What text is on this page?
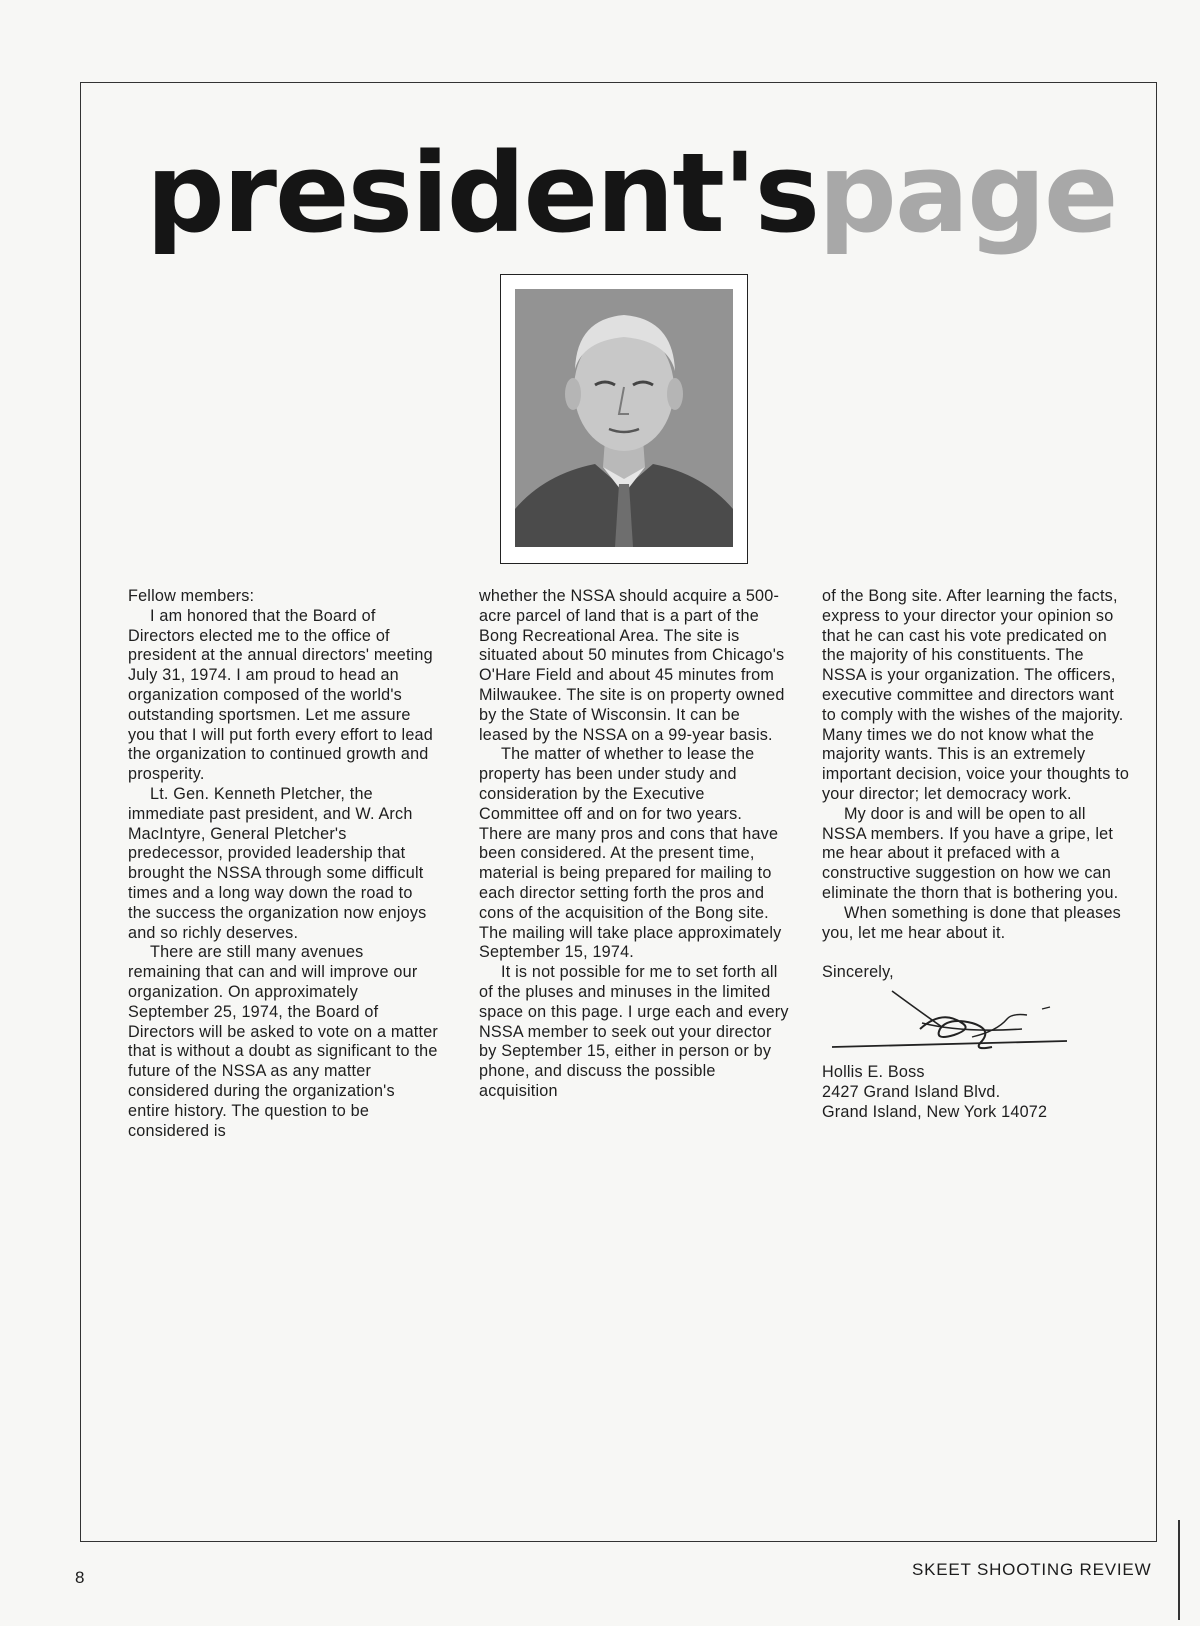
president'spage

Fellow members:

I am honored that the Board of Directors elected me to the office of president at the annual directors' meeting July 31, 1974. I am proud to head an organization composed of the world's outstanding sportsmen. Let me assure you that I will put forth every effort to lead the organization to continued growth and prosperity.

Lt. Gen. Kenneth Pletcher, the immediate past president, and W. Arch MacIntyre, General Pletcher's predecessor, provided leadership that brought the NSSA through some difficult times and a long way down the road to the success the organization now enjoys and so richly deserves.

There are still many avenues remaining that can and will improve our organization. On approximately September 25, 1974, the Board of Directors will be asked to vote on a matter that is without a doubt as significant to the future of the NSSA as any matter considered during the organization's entire history. The question to be considered is

whether the NSSA should acquire a 500-acre parcel of land that is a part of the Bong Recreational Area. The site is situated about 50 minutes from Chicago's O'Hare Field and about 45 minutes from Milwaukee. The site is on property owned by the State of Wisconsin. It can be leased by the NSSA on a 99-year basis.

The matter of whether to lease the property has been under study and consideration by the Executive Committee off and on for two years. There are many pros and cons that have been considered. At the present time, material is being prepared for mailing to each director setting forth the pros and cons of the acquisition of the Bong site. The mailing will take place approximately September 15, 1974.

It is not possible for me to set forth all of the pluses and minuses in the limited space on this page. I urge each and every NSSA member to seek out your director by September 15, either in person or by phone, and discuss the possible acquisition

of the Bong site. After learning the facts, express to your director your opinion so that he can cast his vote predicated on the majority of his constituents. The NSSA is your organization. The officers, executive committee and directors want to comply with the wishes of the majority. Many times we do not know what the majority wants. This is an extremely important decision, voice your thoughts to your director; let democracy work.

My door is and will be open to all NSSA members. If you have a gripe, let me hear about it prefaced with a constructive suggestion on how we can eliminate the thorn that is bothering you.

When something is done that pleases you, let me hear about it.

Sincerely,

Hollis E. Boss

2427 Grand Island Blvd.

Grand Island, New York 14072

8	SKEET SHOOTING REVIEW
